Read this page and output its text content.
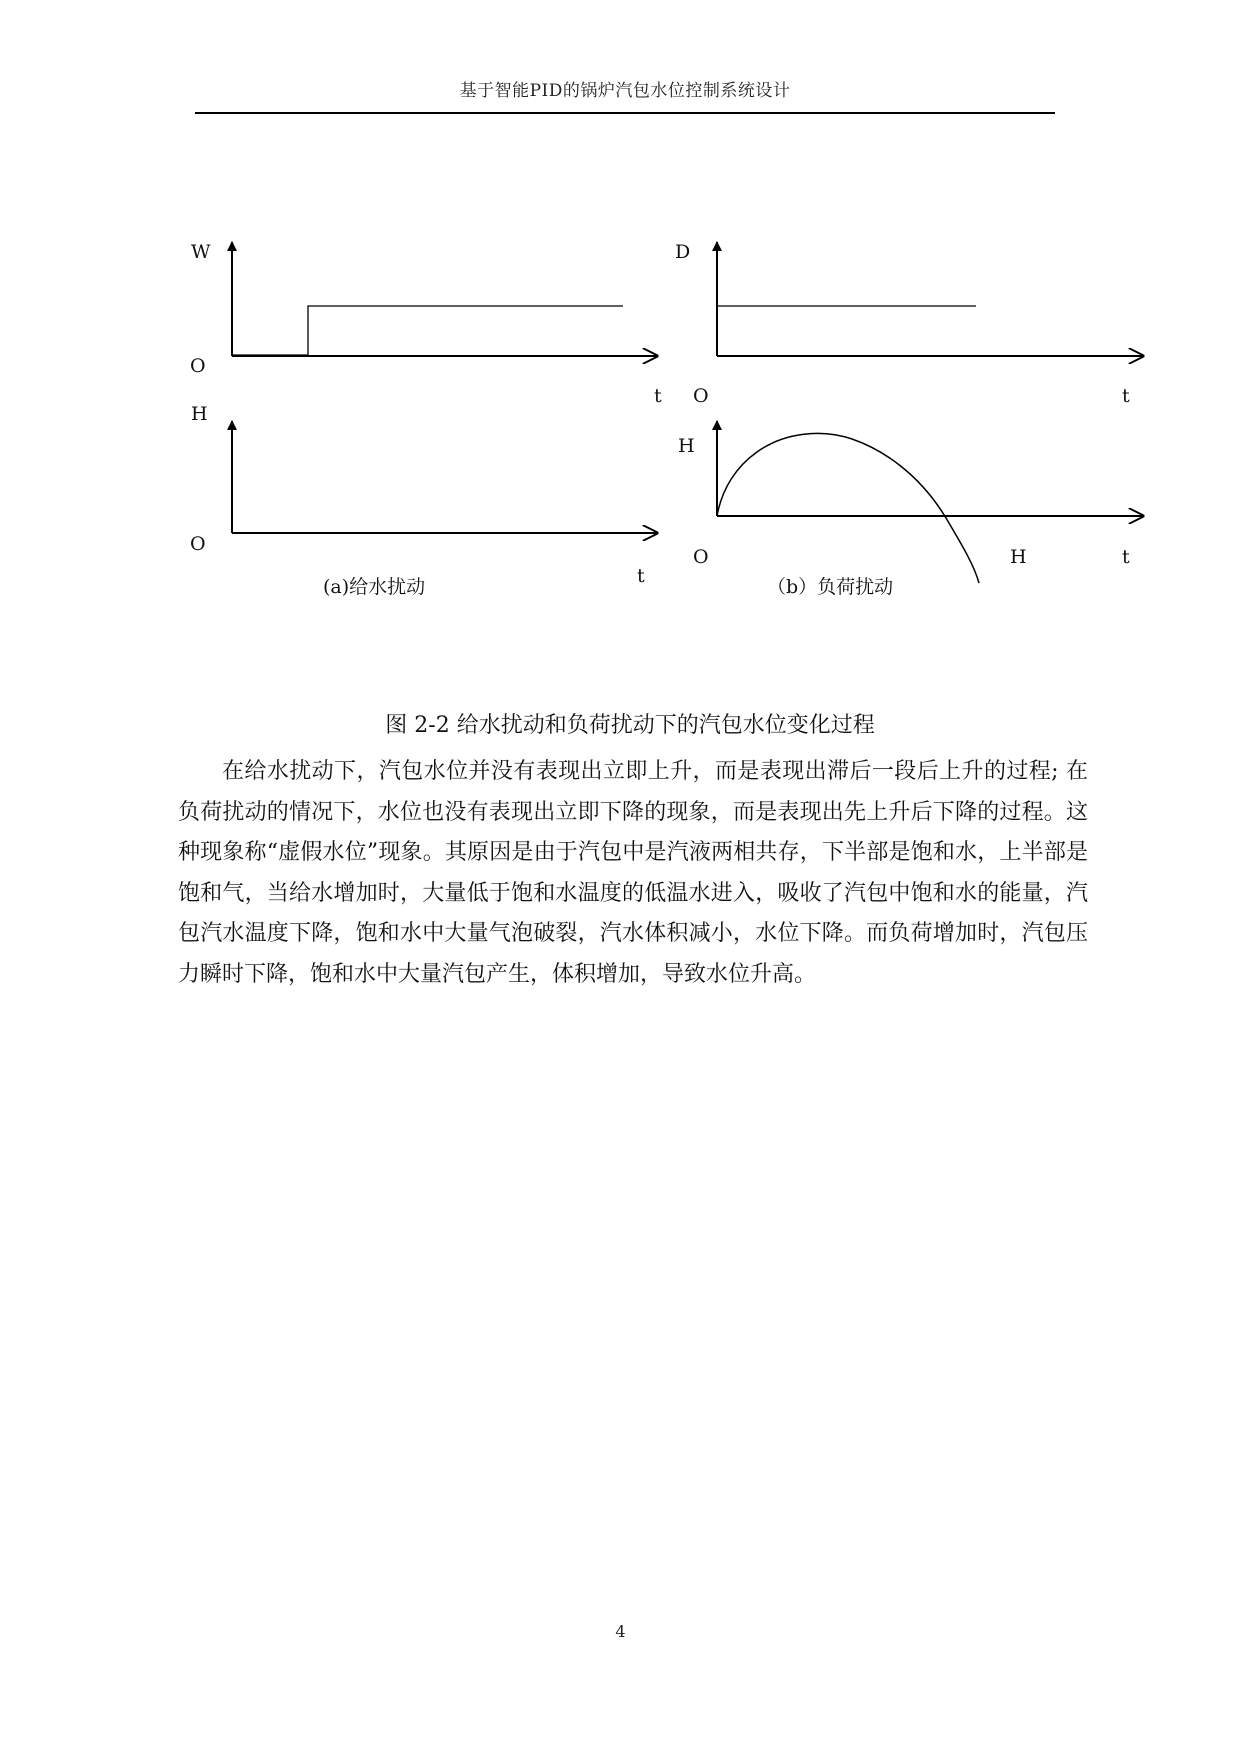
基于智能PID的锅炉汽包水位控制系统设计
W
O
t
H
O
t
(a)给水扰动
D
O	t
H
O	H	t
（b）负荷扰动
图 2-2 给水扰动和负荷扰动下的汽包水位变化过程

在给水扰动下，汽包水位并没有表现出立即上升，而是表现出滞后一段后上升的过程; 在负荷扰动的情况下，水位也没有表现出立即下降的现象，而是表现出先上升后下降的过程。这种现象称“虚假水位”现象。其原因是由于汽包中是汽液两相共存，下半部是饱和水，上半部是饱和气，当给水增加时，大量低于饱和水温度的低温水进入，吸收了汽包中饱和水的能量，汽包汽水温度下降，饱和水中大量气泡破裂，汽水体积减小，水位下降。而负荷增加时，汽包压力瞬时下降，饱和水中大量汽包产生，体积增加，导致水位升高。

4
